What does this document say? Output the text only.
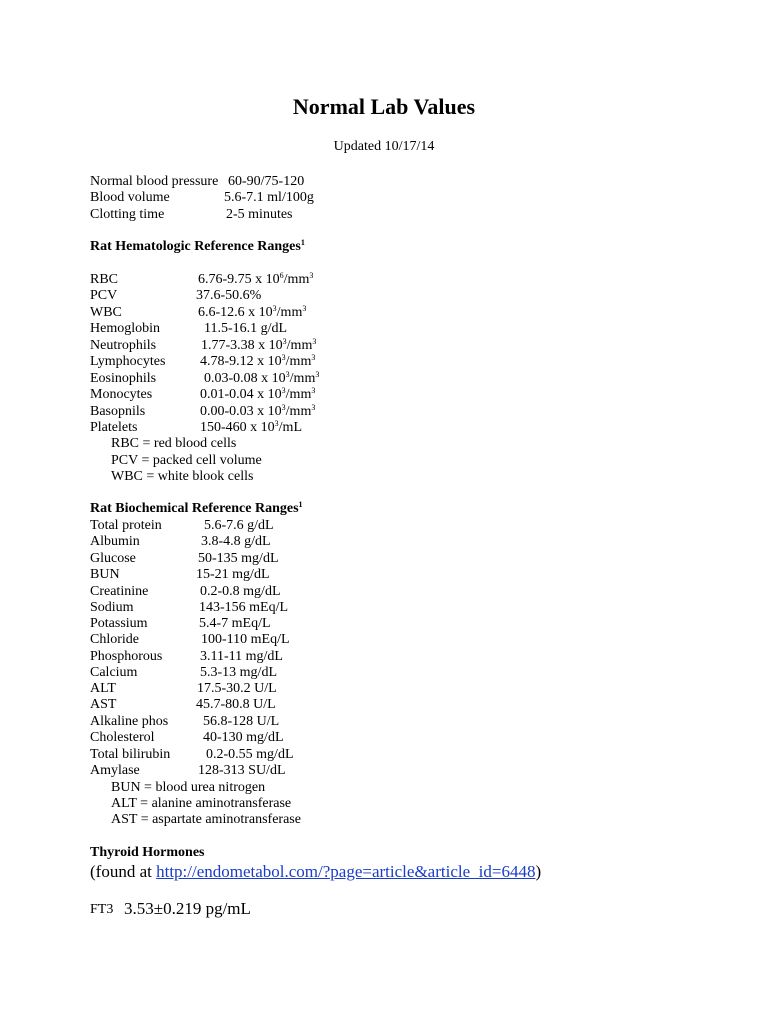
Normal Lab Values
Updated 10/17/14
Normal blood pressure 60-90/75-120
Blood volume	5.6-7.1 ml/100g
Clotting time	2-5 minutes
Rat Hematologic Reference Ranges$^1$
RBC	6.76-9.75 x $10^6/mm^3$
PCV	37.6-50.6%
WBC	6.6-12.6 x $10^3/mm^3$
Hemoglobin	11.5-16.1 g/dL
Neutrophils	1.77-3.38 x $10^3/mm^3$
Lymphocytes 4.78-9.12 x $10^3/mm^3$
Eosinophils	0.03-0.08 x $10^3/mm^3$
Monocytes	0.01-0.04 x $10^3/mm^3$
Basopnils	0.00-0.03 x $10^3/mm^3$
Platelets	150-460 x $10^3/mL$
RBC = red blood cells
PCV = packed cell volume
WBC = white blook cells
Rat Biochemical Reference Ranges$^1$
Total protein	5.6-7.6 g/dL
Albumin	3.8-4.8 g/dL
Glucose	50-135 mg/dL
BUN	15-21 mg/dL
Creatinine	0.2-0.8 mg/dL
Sodium	143-156 mEq/L
Potassium	5.4-7 mEq/L
Chloride	100-110 mEq/L
Phosphorous	3.11-11 mg/dL
Calcium	5.3-13 mg/dL
ALT	17.5-30.2 U/L
AST	45.7-80.8 U/L
Alkaline phos 56.8-128 U/L
Cholesterol	40-130 mg/dL
Total bilirubin	0.2-0.55 mg/dL
Amylase	128-313 SU/dL
BUN = blood urea nitrogen
ALT = alanine aminotransferase
AST = aspartate aminotransferase
Thyroid Hormones
(found at http://endometabol.com/?page=article&article_id=6448)
FT3 3.53±0.219 pg/mL
